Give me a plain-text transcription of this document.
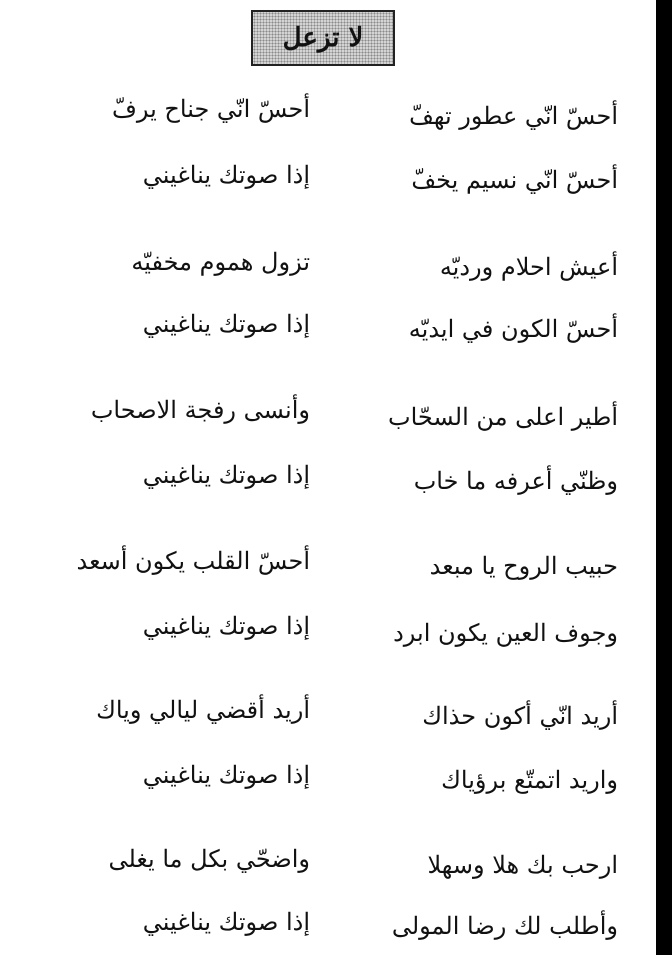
لا تزعل
أحسّ انّي عطور تهفّ
أحسّ انّي جناح يرفّ
أحسّ انّي نسيم يخفّ
إذا صوتك يناغيني
أعيش احلام ورديّه
تزول هموم مخفيّه
أحسّ الكون في ايديّه
إذا صوتك يناغيني
أطير اعلى من السحّاب
وأنسى رفجة الاصحاب
وظنّي أعرفه ما خاب
إذا صوتك يناغيني
حبيب الروح يا مبعد
أحسّ القلب يكون أسعد
وجوف العين يكون ابرد
إذا صوتك يناغيني
أريد انّي أكون حذاك
أريد أقضي ليالي وياك
واريد اتمتّع برؤياك
إذا صوتك يناغيني
ارحب بك هلا وسهلا
واضحّي بكل ما يغلى
وأطلب لك رضا المولى
إذا صوتك يناغيني
